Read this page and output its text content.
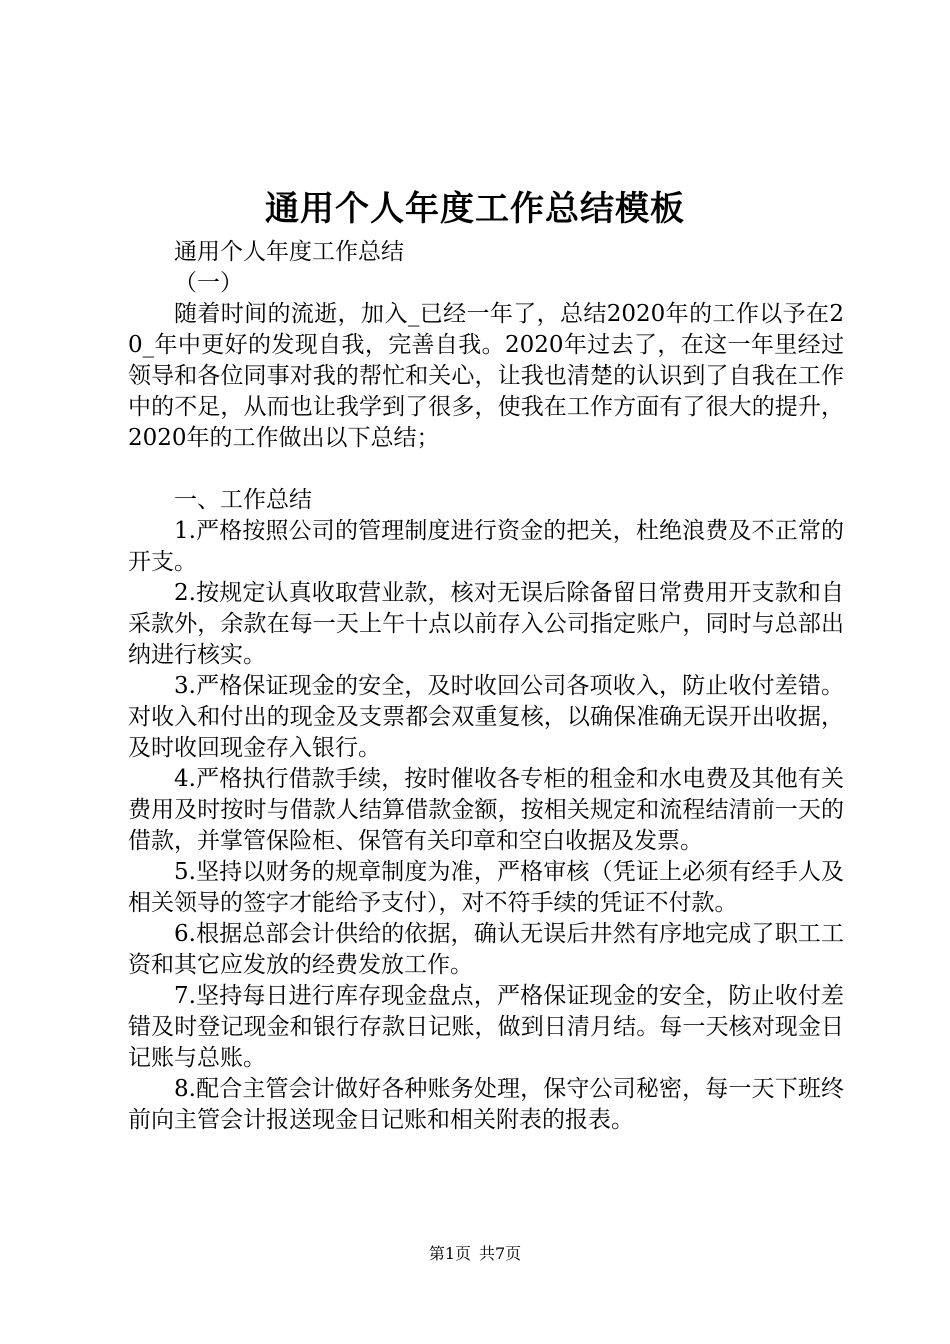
通用个人年度工作总结模板

通用个人年度工作总结

（一）

随着时间的流逝，加入_已经一年了，总结2020年的工作以予在20_年中更好的发现自我，完善自我。2020年过去了，在这一年里经过领导和各位同事对我的帮忙和关心，让我也清楚的认识到了自我在工作中的不足，从而也让我学到了很多，使我在工作方面有了很大的提升，2020年的工作做出以下总结；

一、工作总结

1.严格按照公司的管理制度进行资金的把关，杜绝浪费及不正常的开支。

2.按规定认真收取营业款，核对无误后除备留日常费用开支款和自采款外，余款在每一天上午十点以前存入公司指定账户，同时与总部出纳进行核实。

3.严格保证现金的安全，及时收回公司各项收入，防止收付差错。对收入和付出的现金及支票都会双重复核，以确保准确无误开出收据，及时收回现金存入银行。

4.严格执行借款手续，按时催收各专柜的租金和水电费及其他有关费用及时按时与借款人结算借款金额，按相关规定和流程结清前一天的借款，并掌管保险柜、保管有关印章和空白收据及发票。

5.坚持以财务的规章制度为准，严格审核（凭证上必须有经手人及相关领导的签字才能给予支付），对不符手续的凭证不付款。

6.根据总部会计供给的依据，确认无误后井然有序地完成了职工工资和其它应发放的经费发放工作。

7.坚持每日进行库存现金盘点，严格保证现金的安全，防止收付差错及时登记现金和银行存款日记账，做到日清月结。每一天核对现金日记账与总账。

8.配合主管会计做好各种账务处理，保守公司秘密，每一天下班终前向主管会计报送现金日记账和相关附表的报表。

第1页 共7页
